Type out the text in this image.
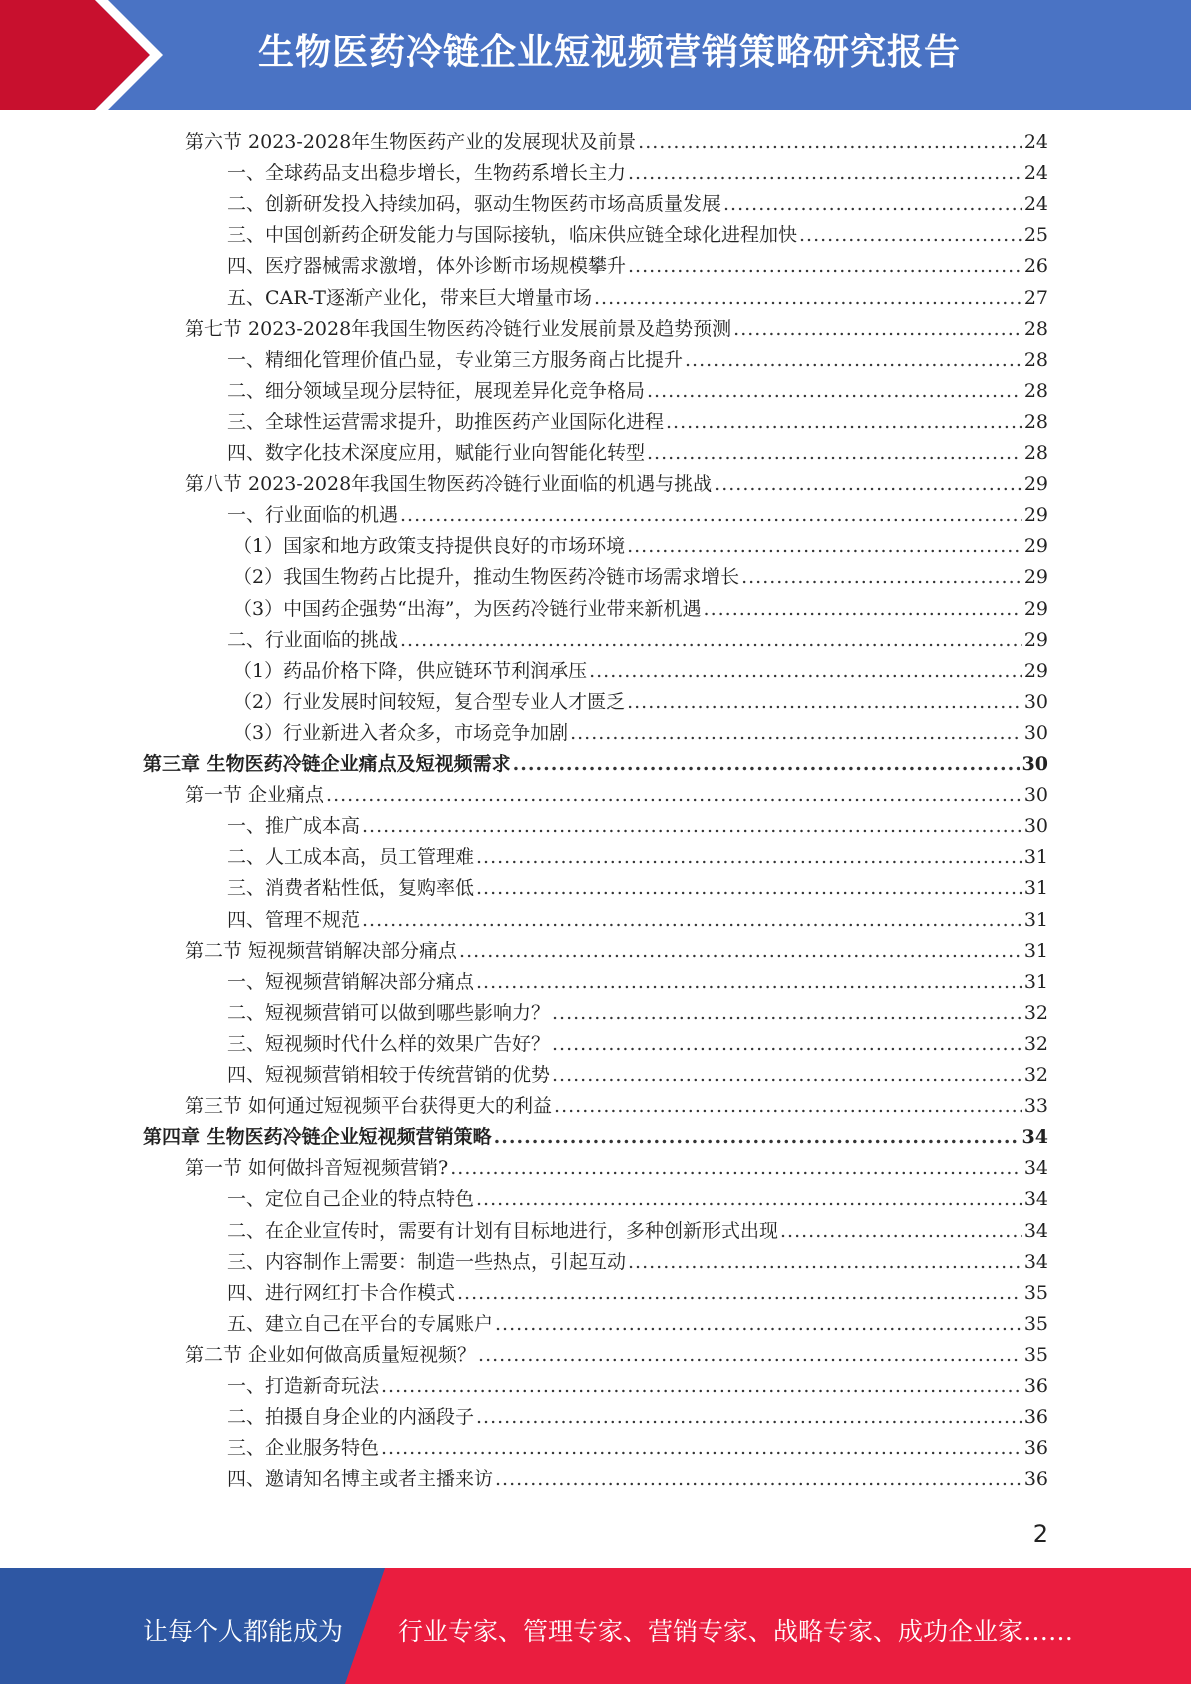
生物医药冷链企业短视频营销策略研究报告
第六节 2023-2028年生物医药产业的发展现状及前景 .....	24
一、全球药品支出稳步增长，生物药系增长主力 .....	24
二、创新研发投入持续加码，驱动生物医药市场高质量发展 .....	24
三、中国创新药企研发能力与国际接轨，临床供应链全球化进程加快 .....	25
四、医疗器械需求激增，体外诊断市场规模攀升 .....	26
五、CAR-T逐渐产业化，带来巨大增量市场 .....	27
第七节 2023-2028年我国生物医药冷链行业发展前景及趋势预测 .....	28
一、精细化管理价值凸显，专业第三方服务商占比提升 .....	28
二、细分领域呈现分层特征，展现差异化竞争格局 .....	28
三、全球性运营需求提升，助推医药产业国际化进程 .....	28
四、数字化技术深度应用，赋能行业向智能化转型 .....	28
第八节 2023-2028年我国生物医药冷链行业面临的机遇与挑战 .....	29
一、行业面临的机遇 .....	29
（1）国家和地方政策支持提供良好的市场环境 .....	29
（2）我国生物药占比提升，推动生物医药冷链市场需求增长 .....	29
（3）中国药企强势“出海”，为医药冷链行业带来新机遇 .....	29
二、行业面临的挑战 .....	29
（1）药品价格下降，供应链环节利润承压 .....	29
（2）行业发展时间较短，复合型专业人才匮乏 .....	30
（3）行业新进入者众多，市场竞争加剧 .....	30
第三章 生物医药冷链企业痛点及短视频需求 .....	30
第一节 企业痛点 .....	30
一、推广成本高 .....	30
二、人工成本高，员工管理难 .....	31
三、消费者粘性低，复购率低 .....	31
四、管理不规范 .....	31
第二节 短视频营销解决部分痛点 .....	31
一、短视频营销解决部分痛点 .....	31
二、短视频营销可以做到哪些影响力？ .....	32
三、短视频时代什么样的效果广告好？ .....	32
四、短视频营销相较于传统营销的优势 .....	32
第三节 如何通过短视频平台获得更大的利益 .....	33
第四章 生物医药冷链企业短视频营销策略 .....	34
第一节 如何做抖音短视频营销? .....	34
一、定位自己企业的特点特色 .....	34
二、在企业宣传时，需要有计划有目标地进行，多种创新形式出现 .....	34
三、内容制作上需要：制造一些热点，引起互动 .....	34
四、进行网红打卡合作模式 .....	35
五、建立自己在平台的专属账户 .....	35
第二节 企业如何做高质量短视频？ .....	35
一、打造新奇玩法 .....	36
二、拍摄自身企业的内涵段子 .....	36
三、企业服务特色 .....	36
四、邀请知名博主或者主播来访 .....	36
2
让每个人都能成为 行业专家、管理专家、营销专家、战略专家、成功企业家……
